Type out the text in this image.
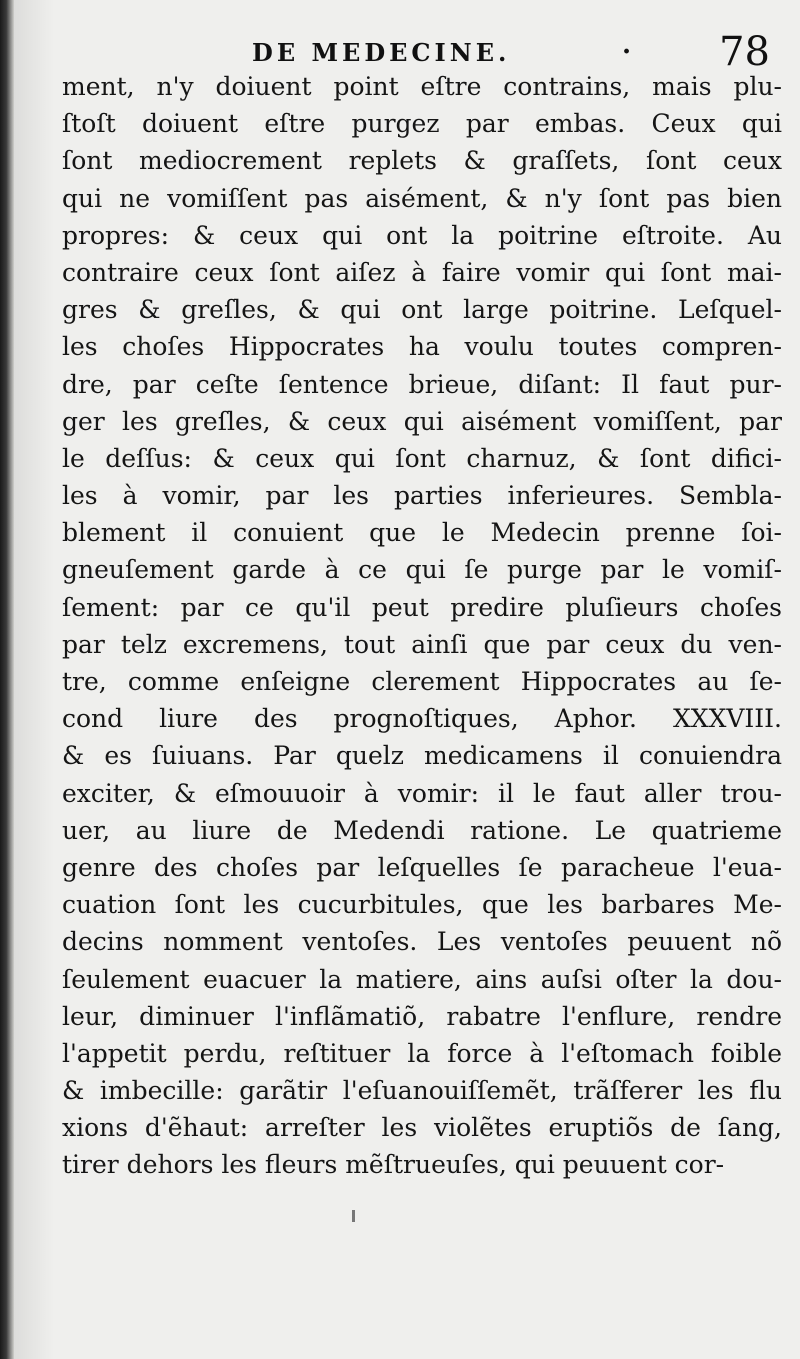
DE MEDECINE.	. 78
ment, n'y doiuent point eſtre contrains, mais plu-
ſtoſt doiuent eſtre purgez par embas. Ceux qui
ſont mediocrement replets & graſſets, ſont ceux
qui ne vomiſſent pas aisément, & n'y ſont pas bien
propres: & ceux qui ont la poitrine eſtroite. Au
contraire ceux ſont aiſez à faire vomir qui ſont mai-
gres & greſles, & qui ont large poitrine. Leſquel-
les choſes Hippocrates ha voulu toutes compren-
dre, par ceſte ſentence brieue, diſant: Il faut pur-
ger les greſles, & ceux qui aisément vomiſſent, par
le deſſus: & ceux qui ſont charnuz, & ſont difici-
les à vomir, par les parties inferieures. Sembla-
blement il conuient que le Medecin prenne ſoi-
gneuſement garde à ce qui ſe purge par le vomiſ-
ſement: par ce qu'il peut predire pluſieurs choſes
par telz excremens, tout ainſi que par ceux du ven-
tre, comme enſeigne clerement Hippocrates au ſe-
cond liure des prognoſtiques, Aphor. XXXVIII.
& es ſuiuans. Par quelz medicamens il conuiendra
exciter, & eſmouuoir à vomir: il le faut aller trou-
uer, au liure de Medendi ratione. Le quatrieme
genre des choſes par leſquelles ſe paracheue l'eua-
cuation ſont les cucurbitules, que les barbares Me-
decins nomment ventoſes. Les ventoſes peuuent nõ
ſeulement euacuer la matiere, ains auſsi oſter la dou-
leur, diminuer l'inflãmatiõ, rabatre l'enflure, rendre
l'appetit perdu, reſtituer la force à l'eſtomach foible
& imbecille: garãtir l'eſuanouiſſemẽt, trãſferer les flu
xions d'ẽhaut: arreſter les violẽtes eruptiõs de ſang,
tirer dehors les fleurs mẽſtrueuſes, qui peuuent cor-
